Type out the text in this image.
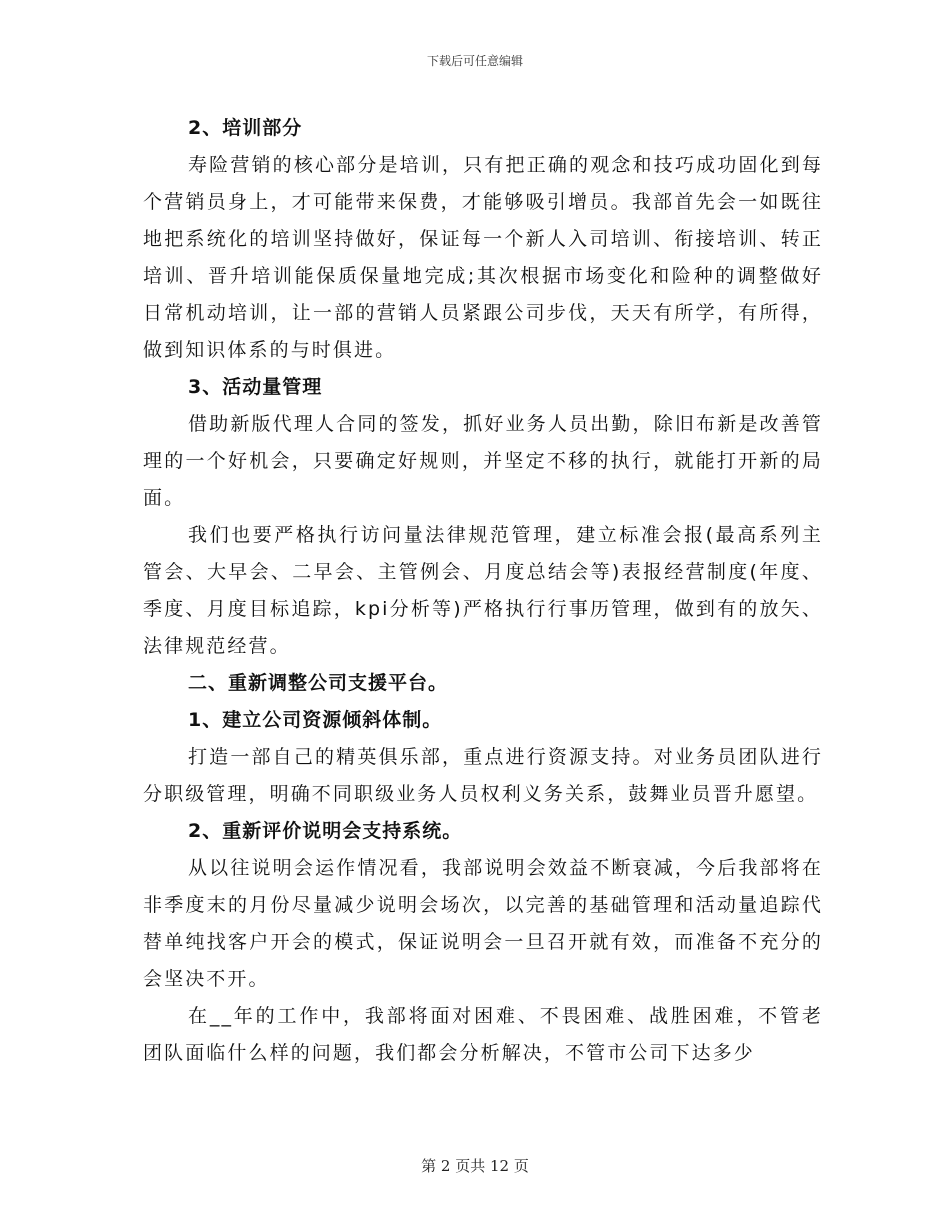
下载后可任意编辑
2、培训部分

寿险营销的核心部分是培训，只有把正确的观念和技巧成功固化到每个营销员身上，才可能带来保费，才能够吸引增员。我部首先会一如既往地把系统化的培训坚持做好，保证每一个新人入司培训、衔接培训、转正培训、晋升培训能保质保量地完成;其次根据市场变化和险种的调整做好日常机动培训，让一部的营销人员紧跟公司步伐，天天有所学，有所得，做到知识体系的与时俱进。

3、活动量管理

借助新版代理人合同的签发，抓好业务人员出勤，除旧布新是改善管理的一个好机会，只要确定好规则，并坚定不移的执行，就能打开新的局面。

我们也要严格执行访问量法律规范管理，建立标准会报(最高系列主管会、大早会、二早会、主管例会、月度总结会等)表报经营制度(年度、季度、月度目标追踪，kpi分析等)严格执行行事历管理，做到有的放矢、法律规范经营。

二、重新调整公司支援平台。
1、建立公司资源倾斜体制。

打造一部自己的精英俱乐部，重点进行资源支持。对业务员团队进行分职级管理，明确不同职级业务人员权利义务关系，鼓舞业员晋升愿望。

2、重新评价说明会支持系统。

从以往说明会运作情况看，我部说明会效益不断衰减，今后我部将在非季度末的月份尽量减少说明会场次，以完善的基础管理和活动量追踪代替单纯找客户开会的模式，保证说明会一旦召开就有效，而准备不充分的会坚决不开。

在__年的工作中，我部将面对困难、不畏困难、战胜困难，不管老团队面临什么样的问题，我们都会分析解决，不管市公司下达多少

第 2 页共 12 页
